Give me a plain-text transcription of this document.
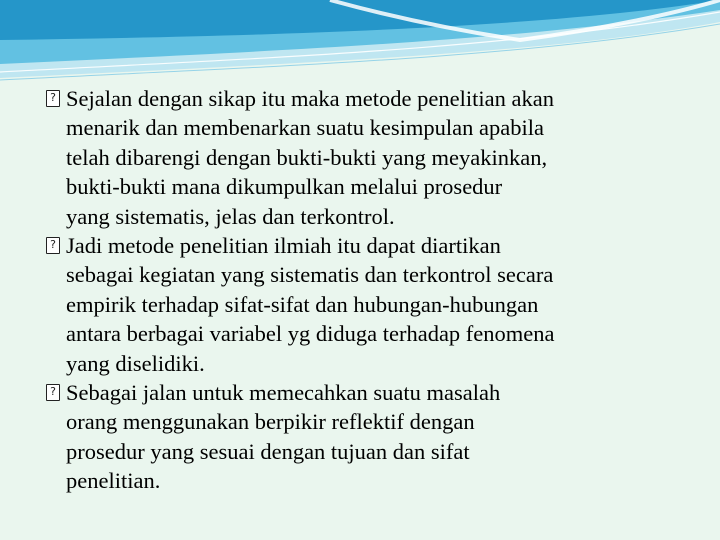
? Sejalan dengan sikap itu maka metode penelitian akan
menarik dan membenarkan suatu kesimpulan apabila
telah dibarengi dengan bukti-bukti yang meyakinkan,
bukti-bukti mana dikumpulkan melalui prosedur
yang sistematis, jelas dan terkontrol.
? Jadi metode penelitian ilmiah itu dapat diartikan
sebagai kegiatan yang sistematis dan terkontrol secara
empirik terhadap sifat-sifat dan hubungan-hubungan
antara berbagai variabel yg diduga terhadap fenomena
yang diselidiki.
? Sebagai jalan untuk memecahkan suatu masalah
orang menggunakan berpikir reflektif dengan
prosedur yang sesuai dengan tujuan dan sifat
penelitian.
